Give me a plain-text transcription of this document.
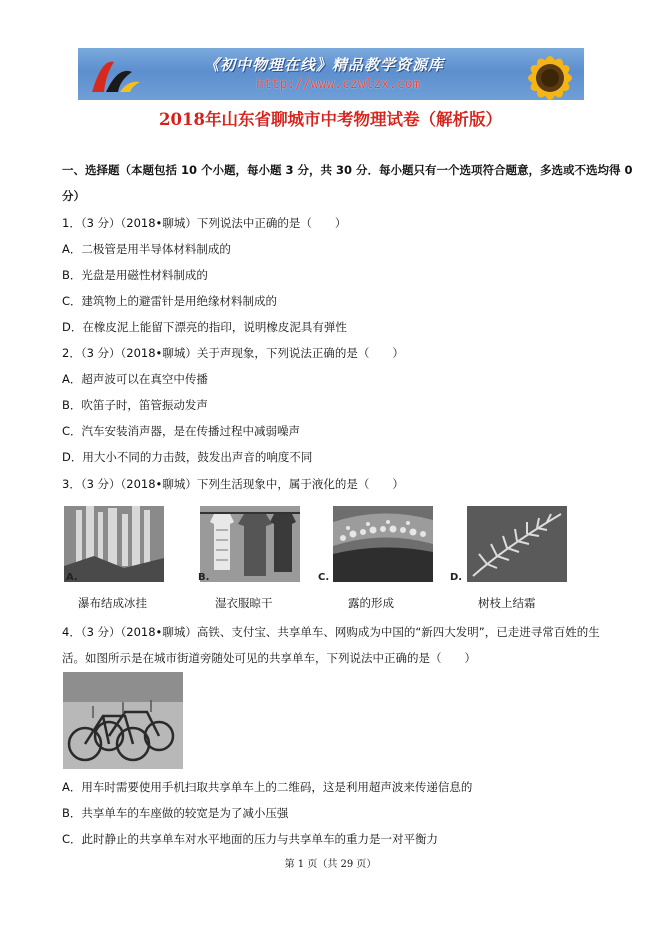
《初中物理在线》精品教学资源库
http://www.czwlzx.com
2018年山东省聊城市中考物理试卷（解析版）
一、选择题（本题包括 10 个小题，每小题 3 分，共 30 分．每小题只有一个选项符合题意，多选或不选均得 0
分）
1．（3 分）（2018•聊城）下列说法中正确的是（　　）
A．二极管是用半导体材料制成的
B．光盘是用磁性材料制成的
C．建筑物上的避雷针是用绝缘材料制成的
D．在橡皮泥上能留下漂亮的指印，说明橡皮泥具有弹性
2．（3 分）（2018•聊城）关于声现象，下列说法正确的是（　　）
A．超声波可以在真空中传播
B．吹笛子时，笛管振动发声
C．汽车安装消声器，是在传播过程中减弱噪声
D．用大小不同的力击鼓，鼓发出声音的响度不同
3．（3 分）（2018•聊城）下列生活现象中，属于液化的是（　　）
A.
瀑布结成冰挂
B.
湿衣服晾干
C.
露的形成
D.
树枝上结霜
4．（3 分）（2018•聊城）高铁、支付宝、共享单车、网购成为中国的“新四大发明”，已走进寻常百姓的生
活。如图所示是在城市街道旁随处可见的共享单车，下列说法中正确的是（　　）
A．用车时需要使用手机扫取共享单车上的二维码，这是利用超声波来传递信息的
B．共享单车的车座做的较宽是为了减小压强
C．此时静止的共享单车对水平地面的压力与共享单车的重力是一对平衡力
第 1 页（共 29 页）
